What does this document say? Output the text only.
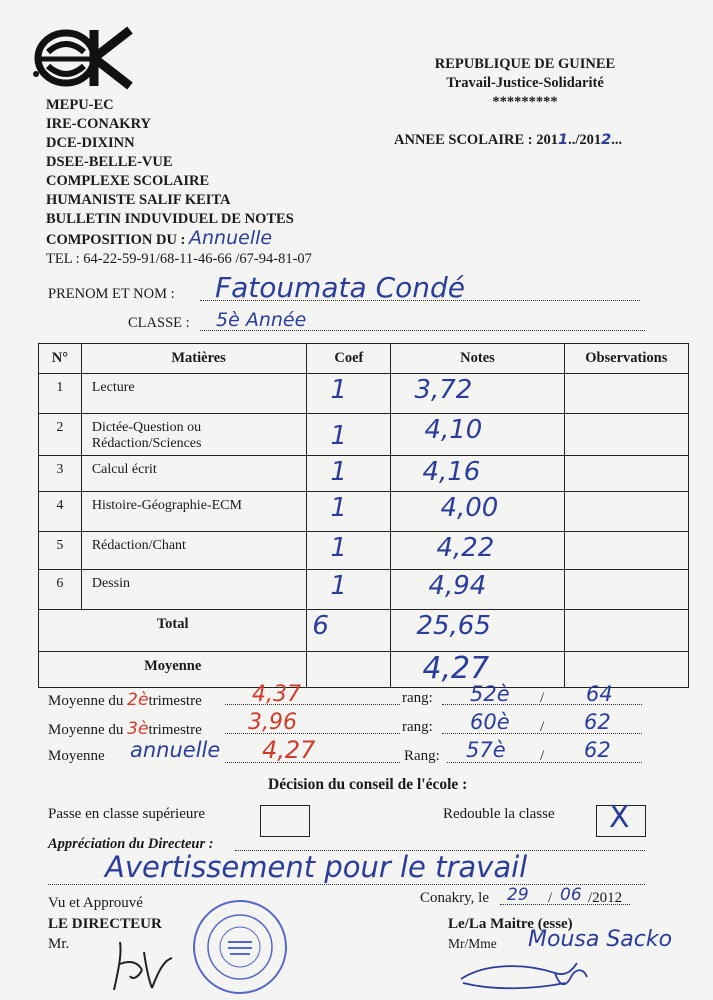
MEPU-EC
IRE-CONAKRY
DCE-DIXINN
DSEE-BELLE-VUE
COMPLEXE SCOLAIRE
HUMANISTE SALIF KEITA
BULLETIN INDUVIDUEL DE NOTES
COMPOSITION DU : Annuelle
TEL : 64-22-59-91/68-11-46-66 /67-94-81-07
REPUBLIQUE DE GUINEE
Travail-Justice-Solidarité
*********
ANNEE SCOLAIRE : 2011../2012...
PRENOM ET NOM : Fatoumata Condé
CLASSE : 5è Année
N°	Matières	Coef	Notes	Observations
1	Lecture	1	3,72	

2	Dictée-Question ou
Rédaction/Sciences	1	4,10	

3	Calcul écrit	1	4,16	

4	Histoire-Géographie-ECM	1	4,00	

5	Rédaction/Chant	1	4,22	

6	Dessin	1	4,94	

Total		6	25,65	

Moyenne			4,27	

Moyenne du 2ètrimestre 4,37	rang: 52è / 64
Moyenne du 3ètrimestre 3,96	rang: 60è / 62
Moyenne annuelle 4,27	Rang: 57è / 62
Décision du conseil de l'école :
Passe en classe supérieure	Redouble la classe X
Appréciation du Directeur :
Avertissement pour le travail
Vu et Approuvé
LE DIRECTEUR
Mr.
Conakry, le 29 / 06 /2012
Le/La Maitre (esse)
Mr/Mme Mousa Sacko
